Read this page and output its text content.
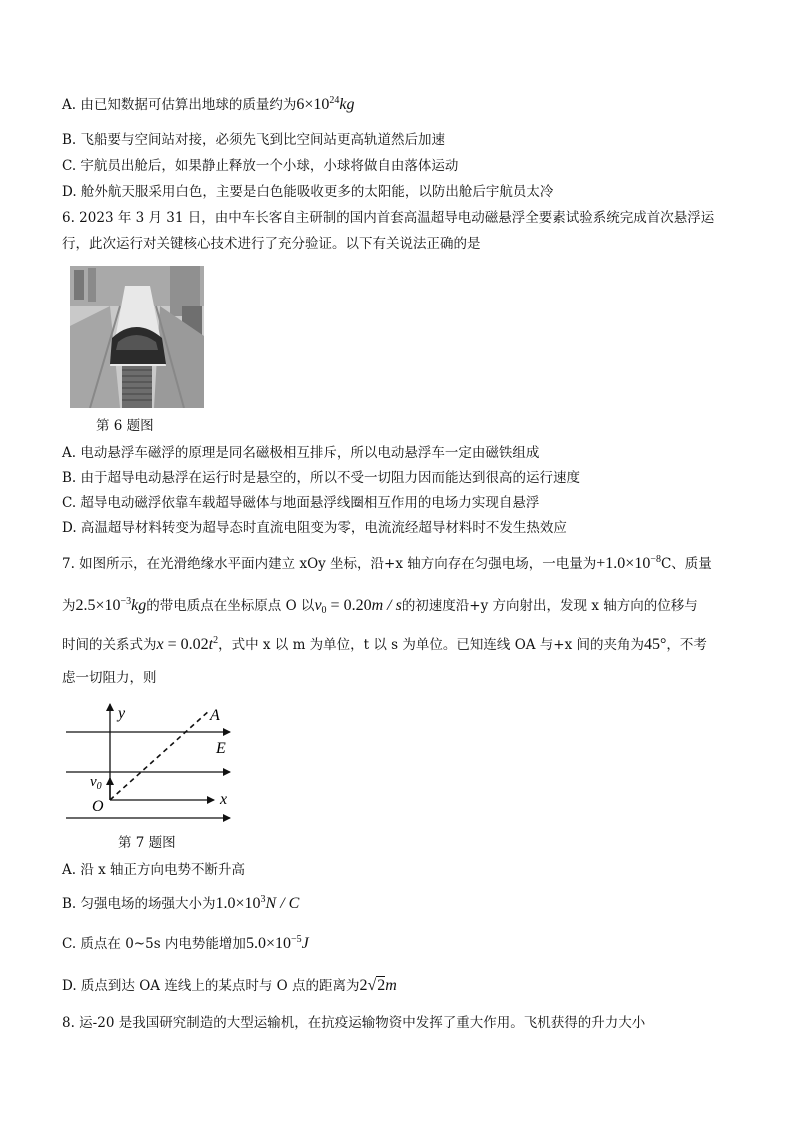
A. 由已知数据可估算出地球的质量约为$6\times 10^{24}kg$
B. 飞船要与空间站对接，必须先飞到比空间站更高轨道然后加速
C. 宇航员出舱后，如果静止释放一个小球，小球将做自由落体运动
D. 舱外航天服采用白色，主要是白色能吸收更多的太阳能，以防出舱后宇航员太冷
6. 2023 年 3 月 31 日，由中车长客自主研制的国内首套高温超导电动磁悬浮全要素试验系统完成首次悬浮运
行，此次运行对关键核心技术进行了充分验证。以下有关说法正确的是
第 6 题图
A. 电动悬浮车磁浮的原理是同名磁极相互排斥，所以电动悬浮车一定由磁铁组成
B. 由于超导电动悬浮在运行时是悬空的，所以不受一切阻力因而能达到很高的运行速度
C. 超导电动磁浮依靠车载超导磁体与地面悬浮线圈相互作用的电场力实现自悬浮
D. 高温超导材料转变为超导态时直流电阻变为零，电流流经超导材料时不发生热效应
7. 如图所示，在光滑绝缘水平面内建立 xOy 坐标，沿+x 轴方向存在匀强电场，一电量为$+1.0\times 10^{-8}C$、质量
为$2.5\times 10^{-3}kg$的带电质点在坐标原点 O 以$v_0 = 0.20m / s$的初速度沿+y 方向射出，发现 x 轴方向的位移与
时间的关系式为$x = 0.02t^2$，式中 x 以 m 为单位，t 以 s 为单位。已知连线 OA 与+x 间的夹角为45°，不考
虑一切阻力，则
y	A
E
$v_0$
O	x
第 7 题图
A. 沿 x 轴正方向电势不断升高
B. 匀强电场的场强大小为$1.0\times 10^3N / C$
C. 质点在 0~5s 内电势能增加$5.0\times 10^{-5}J$
D. 质点到达 OA 连线上的某点时与 O 点的距离为2√2m
8. 运-20 是我国研究制造的大型运输机，在抗疫运输物资中发挥了重大作用。飞机获得的升力大小
